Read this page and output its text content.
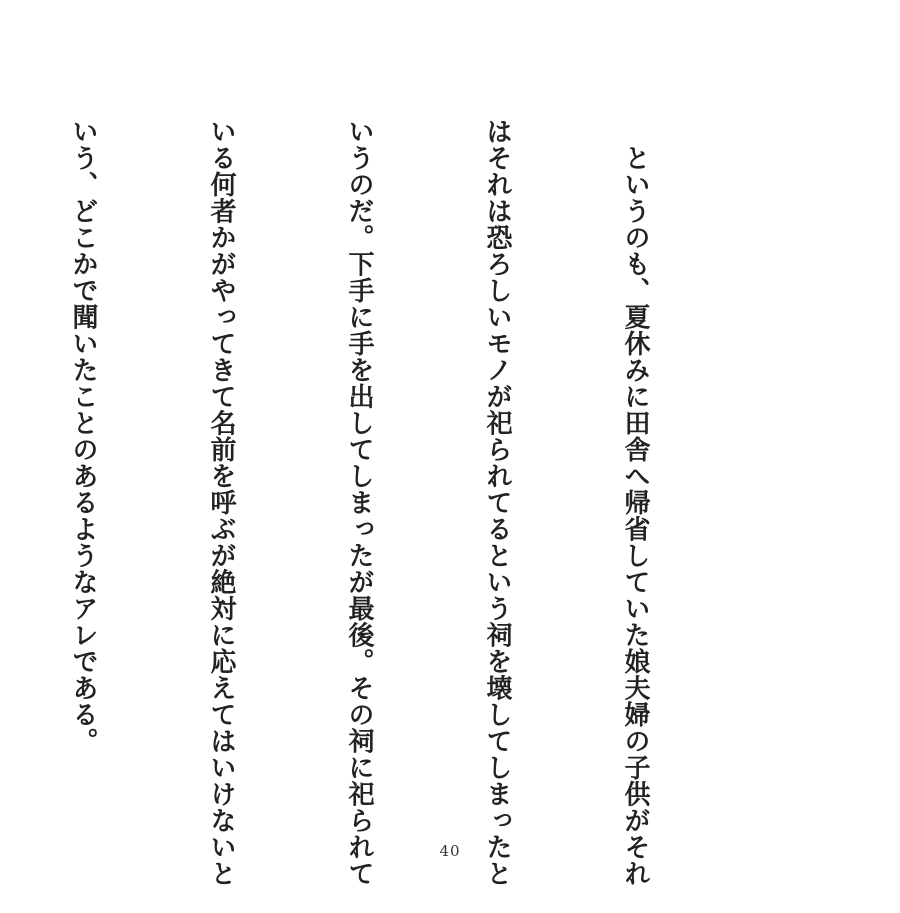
　というのも、夏休みに田舎へ帰省していた娘夫婦の子供がそれ

はそれは恐ろしいモノが祀られてるという祠を壊してしまったと

いうのだ。下手に手を出してしまったが最後。その祠に祀られて

いる何者かがやってきて名前を呼ぶが絶対に応えてはいけないと

いう、どこかで聞いたことのあるようなアレである。

40
